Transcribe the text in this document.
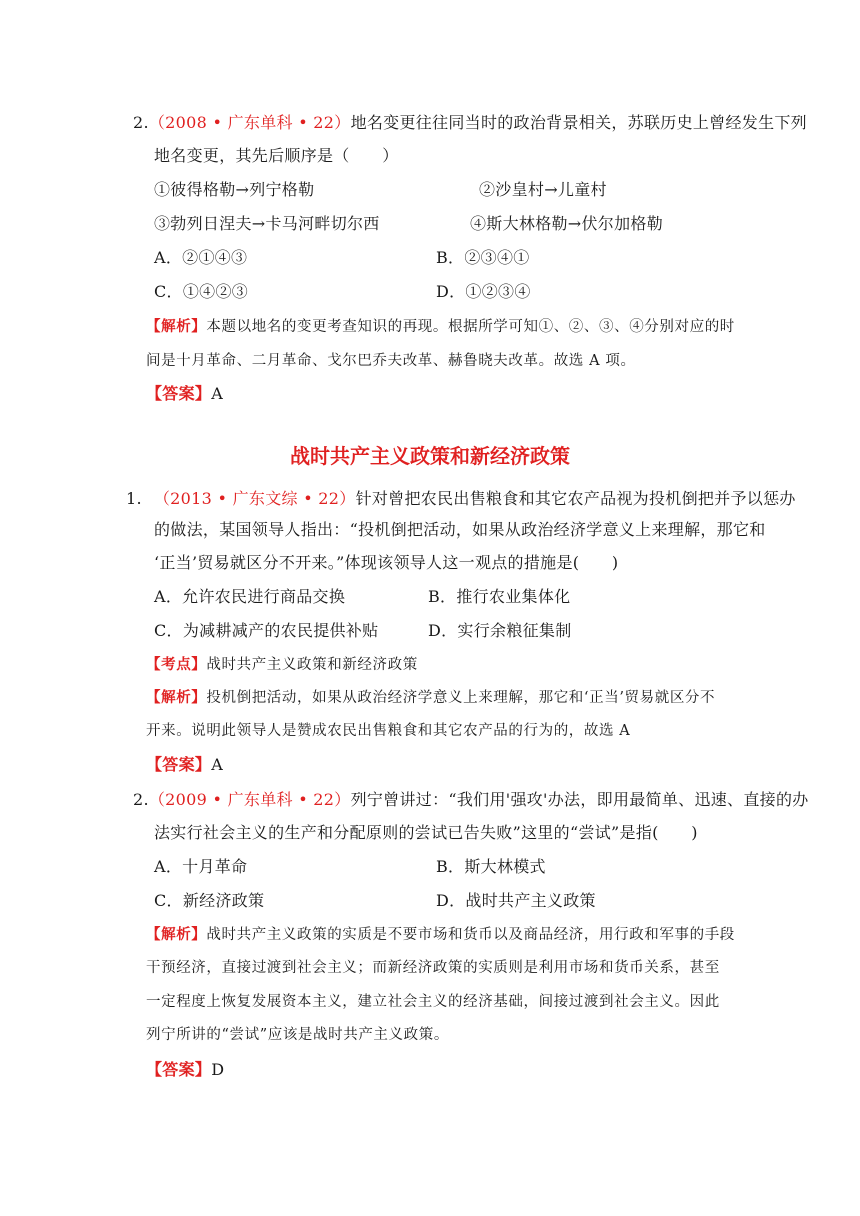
2.（2008 • 广东单科 • 22）地名变更往往同当时的政治背景相关，苏联历史上曾经发生下列
地名变更，其先后顺序是（　　）
①彼得格勒→列宁格勒	②沙皇村→儿童村
③勃列日涅夫→卡马河畔切尔西	④斯大林格勒→伏尔加格勒
A．②①④③	B．②③④①
C．①④②③	D．①②③④
【解析】本题以地名的变更考查知识的再现。根据所学可知①、②、③、④分别对应的时
间是十月革命、二月革命、戈尔巴乔夫改革、赫鲁晓夫改革。故选 A 项。
【答案】A
战时共产主义政策和新经济政策
1. （2013 • 广东文综 • 22）针对曾把农民出售粮食和其它农产品视为投机倒把并予以惩办
的做法，某国领导人指出：“投机倒把活动，如果从政治经济学意义上来理解，那它和
‘正当’贸易就区分不开来。”体现该领导人这一观点的措施是(　　)
A．允许农民进行商品交换	B．推行农业集体化
C．为减耕减产的农民提供补贴	D．实行余粮征集制
【考点】战时共产主义政策和新经济政策
【解析】投机倒把活动，如果从政治经济学意义上来理解，那它和‘正当’贸易就区分不
开来。说明此领导人是赞成农民出售粮食和其它农产品的行为的，故选 A
【答案】A
2.（2009 • 广东单科 • 22）列宁曾讲过：“我们用'强攻'办法，即用最简单、迅速、直接的办
法实行社会主义的生产和分配原则的尝试已告失败”这里的“尝试”是指(　　)
A．十月革命	B．斯大林模式
C．新经济政策	D．战时共产主义政策
【解析】战时共产主义政策的实质是不要市场和货币以及商品经济，用行政和军事的手段
干预经济，直接过渡到社会主义；而新经济政策的实质则是利用市场和货币关系，甚至
一定程度上恢复发展资本主义，建立社会主义的经济基础，间接过渡到社会主义。因此
列宁所讲的“尝试”应该是战时共产主义政策。
【答案】D
